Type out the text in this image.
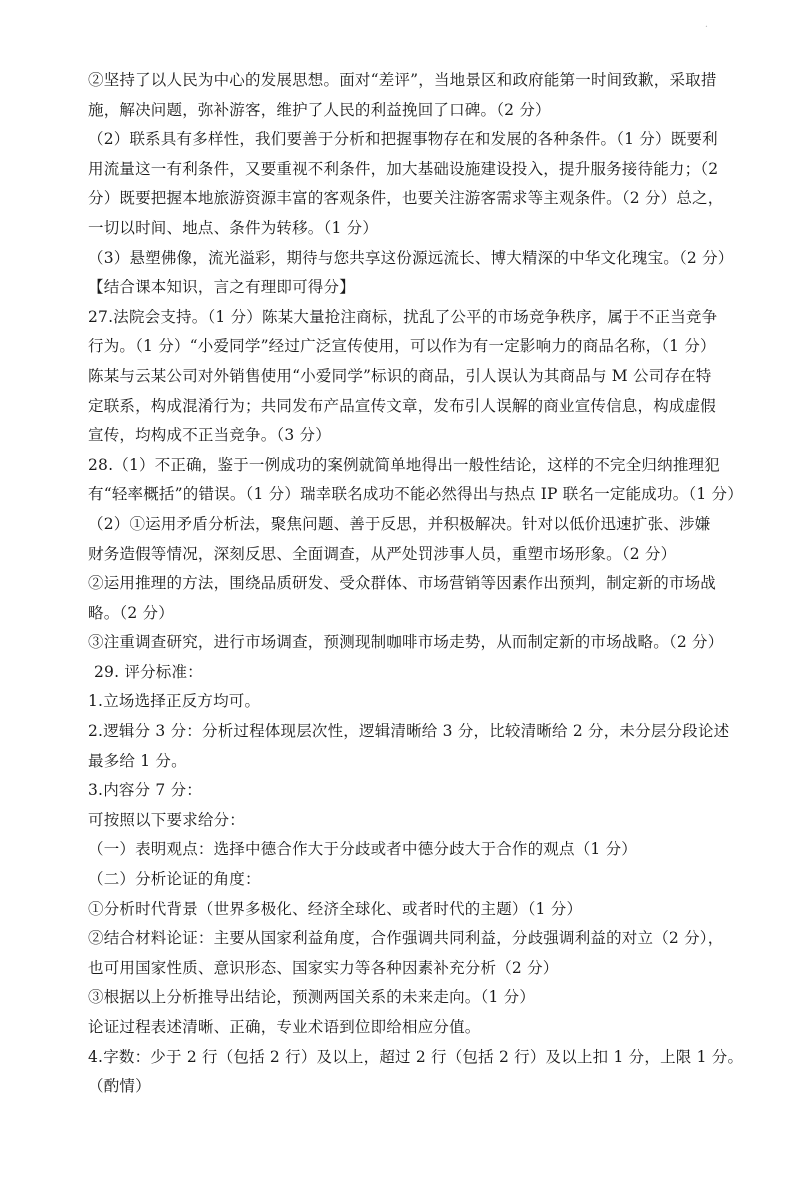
·
②坚持了以人民为中心的发展思想。面对“差评”，当地景区和政府能第一时间致歉，采取措
施，解决问题，弥补游客，维护了人民的利益挽回了口碑。（2 分）
（2）联系具有多样性，我们要善于分析和把握事物存在和发展的各种条件。（1 分）既要利
用流量这一有利条件，又要重视不利条件，加大基础设施建设投入，提升服务接待能力；（2
分）既要把握本地旅游资源丰富的客观条件，也要关注游客需求等主观条件。（2 分）总之，
一切以时间、地点、条件为转移。（1 分）
（3）悬塑佛像，流光溢彩，期待与您共享这份源远流长、博大精深的中华文化瑰宝。（2 分）
【结合课本知识，言之有理即可得分】
27.法院会支持。（1 分）陈某大量抢注商标，扰乱了公平的市场竞争秩序，属于不正当竞争
行为。（1 分）“小爱同学”经过广泛宣传使用，可以作为有一定影响力的商品名称，（1 分）
陈某与云某公司对外销售使用“小爱同学”标识的商品，引人误认为其商品与 M 公司存在特
定联系，构成混淆行为；共同发布产品宣传文章，发布引人误解的商业宣传信息，构成虚假
宣传，均构成不正当竞争。（3 分）
28.（1）不正确，鉴于一例成功的案例就简单地得出一般性结论，这样的不完全归纳推理犯
有“轻率概括”的错误。（1 分）瑞幸联名成功不能必然得出与热点 IP 联名一定能成功。（1 分）
（2）①运用矛盾分析法，聚焦问题、善于反思，并积极解决。针对以低价迅速扩张、涉嫌
财务造假等情况，深刻反思、全面调查，从严处罚涉事人员，重塑市场形象。（2 分）
②运用推理的方法，围绕品质研发、受众群体、市场营销等因素作出预判，制定新的市场战
略。（2 分）
③注重调查研究，进行市场调查，预测现制咖啡市场走势，从而制定新的市场战略。（2 分）
29. 评分标准：
1.立场选择正反方均可。
2.逻辑分 3 分：分析过程体现层次性，逻辑清晰给 3 分，比较清晰给 2 分，未分层分段论述
最多给 1 分。
3.内容分 7 分：
可按照以下要求给分：
（一）表明观点：选择中德合作大于分歧或者中德分歧大于合作的观点（1 分）
（二）分析论证的角度：
①分析时代背景（世界多极化、经济全球化、或者时代的主题）（1 分）
②结合材料论证：主要从国家利益角度，合作强调共同利益，分歧强调利益的对立（2 分），
也可用国家性质、意识形态、国家实力等各种因素补充分析（2 分）
③根据以上分析推导出结论，预测两国关系的未来走向。（1 分）
论证过程表述清晰、正确，专业术语到位即给相应分值。
4.字数：少于 2 行（包括 2 行）及以上，超过 2 行（包括 2 行）及以上扣 1 分，上限 1 分。
（酌情）
